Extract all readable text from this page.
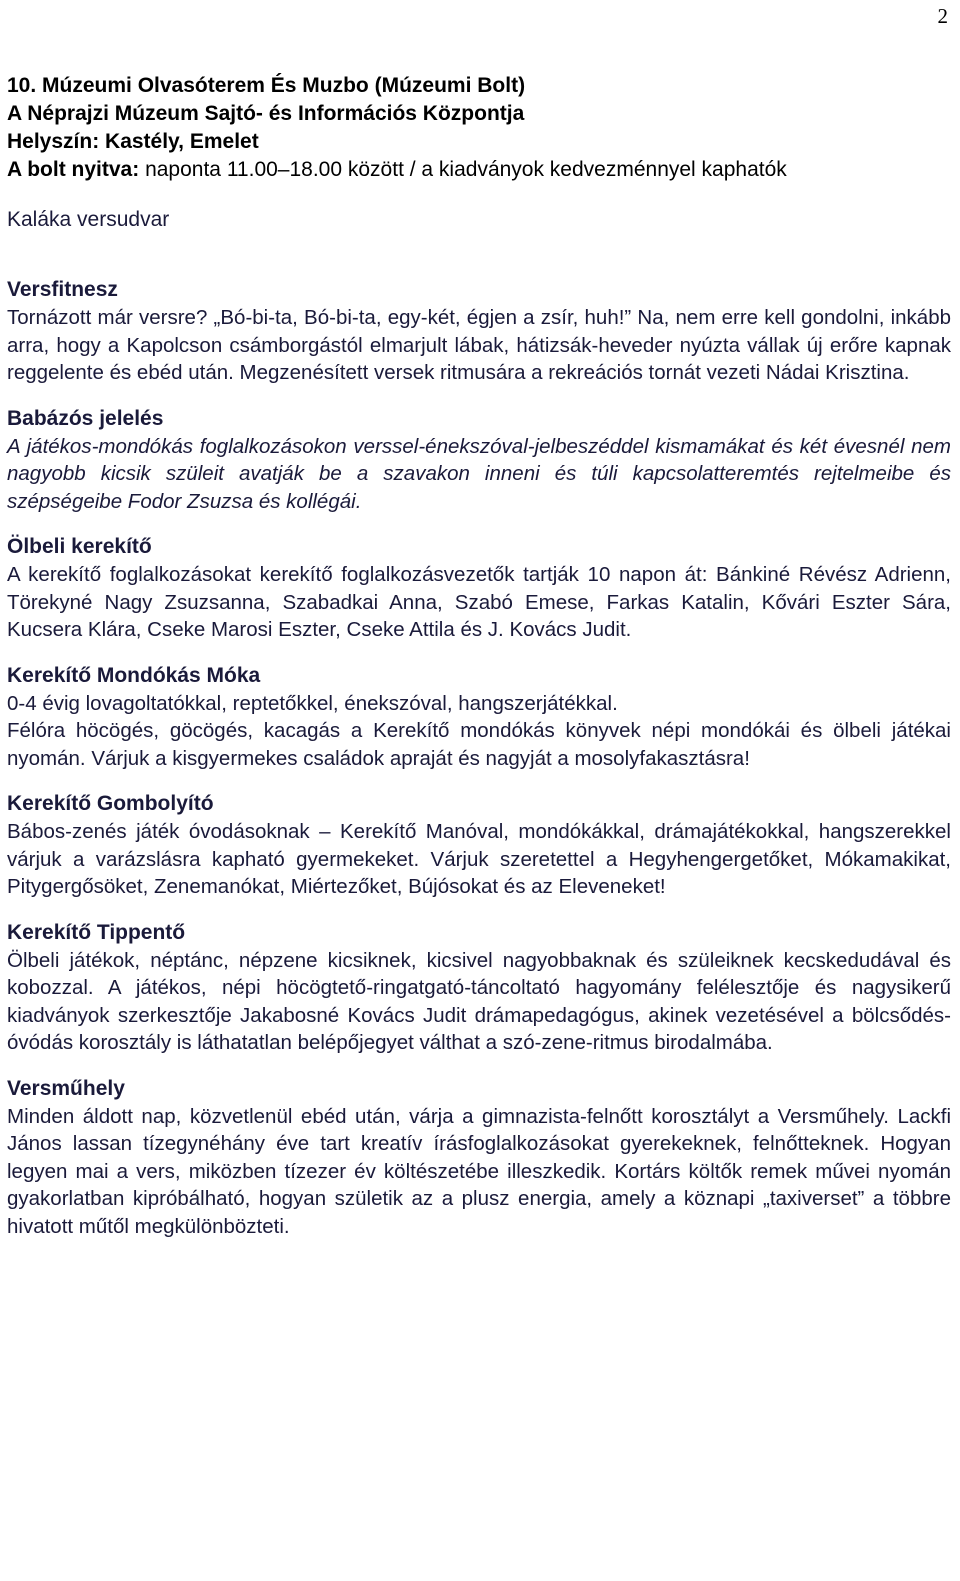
2
10. Múzeumi Olvasóterem És Muzbo (Múzeumi Bolt)
A Néprajzi Múzeum Sajtó- és Információs Központja
Helyszín: Kastély, Emelet
A bolt nyitva: naponta 11.00–18.00 között / a kiadványok kedvezménnyel kaphatók
Kaláka versudvar
Versfitnesz

Tornázott már versre? „Bó-bi-ta, Bó-bi-ta, egy-két, égjen a zsír, huh!” Na, nem erre kell gondolni, inkább arra, hogy a Kapolcson csámborgástól elmarjult lábak, hátizsák-heveder nyúzta vállak új erőre kapnak reggelente és ebéd után. Megzenésített versek ritmusára a rekreációs tornát vezeti Nádai Krisztina.

Babázós jelelés

A játékos-mondókás foglalkozásokon verssel-énekszóval-jelbeszéddel kismamákat és két évesnél nem nagyobb kicsik szüleit avatják be a szavakon inneni és túli kapcsolatteremtés rejtelmeibe és szépségeibe Fodor Zsuzsa és kollégái.

Ölbeli kerekítő

A kerekítő foglalkozásokat kerekítő foglalkozásvezetők tartják 10 napon át: Bánkiné Révész Adrienn, Törekyné Nagy Zsuzsanna, Szabadkai Anna, Szabó Emese, Farkas Katalin, Kővári Eszter Sára, Kucsera Klára, Cseke Marosi Eszter, Cseke Attila és J. Kovács Judit.

Kerekítő Mondókás Móka

0-4 évig lovagoltatókkal, reptetőkkel, énekszóval, hangszerjátékkal.

Félóra höcögés, göcögés, kacagás a Kerekítő mondókás könyvek népi mondókái és ölbeli játékai nyomán. Várjuk a kisgyermekes családok apraját és nagyját a mosolyfakasztásra!

Kerekítő Gombolyító

Bábos-zenés játék óvodásoknak – Kerekítő Manóval, mondókákkal, drámajátékokkal, hangszerekkel várjuk a varázslásra kapható gyermekeket. Várjuk szeretettel a Hegyhengergetőket, Mókamakikat, Pitygergősöket, Zenemanókat, Miértezőket, Bújósokat és az Eleveneket!

Kerekítő Tippentő

Ölbeli játékok, néptánc, népzene kicsiknek, kicsivel nagyobbaknak és szüleiknek kecskedudával és kobozzal. A játékos, népi höcögtető-ringatgató-táncoltató hagyomány felélesztője és nagysikerű kiadványok szerkesztője Jakabosné Kovács Judit drámapedagógus, akinek vezetésével a bölcsődés-óvódás korosztály is láthatatlan belépőjegyet válthat a szó-zene-ritmus birodalmába.

Versműhely

Minden áldott nap, közvetlenül ebéd után, várja a gimnazista-felnőtt korosztályt a Versműhely. Lackfi János lassan tízegynéhány éve tart kreatív írásfoglalkozásokat gyerekeknek, felnőtteknek. Hogyan legyen mai a vers, miközben tízezer év költészetébe illeszkedik. Kortárs költők remek művei nyomán gyakorlatban kipróbálható, hogyan születik az a plusz energia, amely a köznapi „taxiverset” a többre hivatott műtől megkülönbözteti.
